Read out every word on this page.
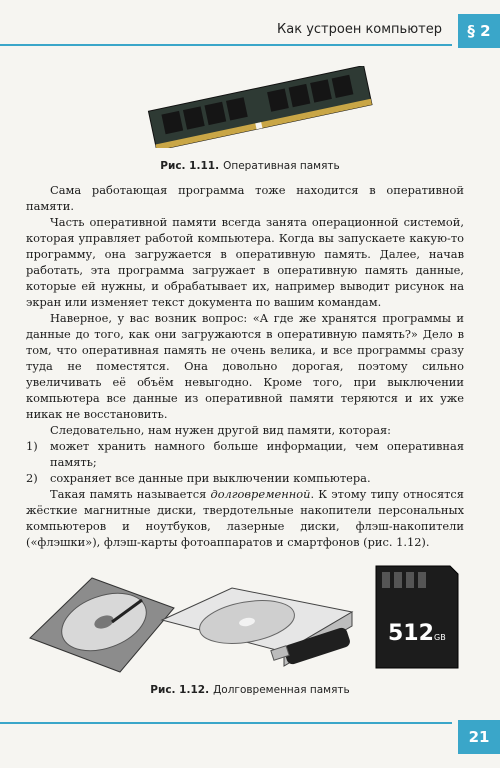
Как устроен компьютер	§ 2
Рис. 1.11. Оперативная память

Сама работающая программа тоже находится в оперативной памяти.

Часть оперативной памяти всегда занята операционной системой, которая управляет работой компьютера. Когда вы запускаете какую-то программу, она загружается в оперативную память. Далее, начав работать, эта программа загружает в оперативную память данные, которые ей нужны, и обрабатывает их, например выводит рисунок на экран или изменяет текст документа по вашим командам.

Наверное, у вас возник вопрос: «А где же хранятся программы и данные до того, как они загружаются в оперативную память?» Дело в том, что оперативная память не очень велика, и все программы сразу туда не поместятся. Она довольно дорогая, поэтому сильно увеличивать её объём невыгодно. Кроме того, при выключении компьютера все данные из оперативной памяти теряются и их уже никак не восстановить.

Следовательно, нам нужен другой вид памяти, которая:

1)	может хранить намного больше информации, чем оперативная память;
2)	сохраняет все данные при выключении компьютера.

Такая память называется долговременной. К этому типу относятся жёсткие магнитные диски, твердотельные накопители персональных компьютеров и ноутбуков, лазерные диски, флэш-накопители («флэшки»), флэш-карты фотоаппаратов и смартфонов (рис. 1.12).

512 GB
Рис. 1.12. Долговременная память
21
